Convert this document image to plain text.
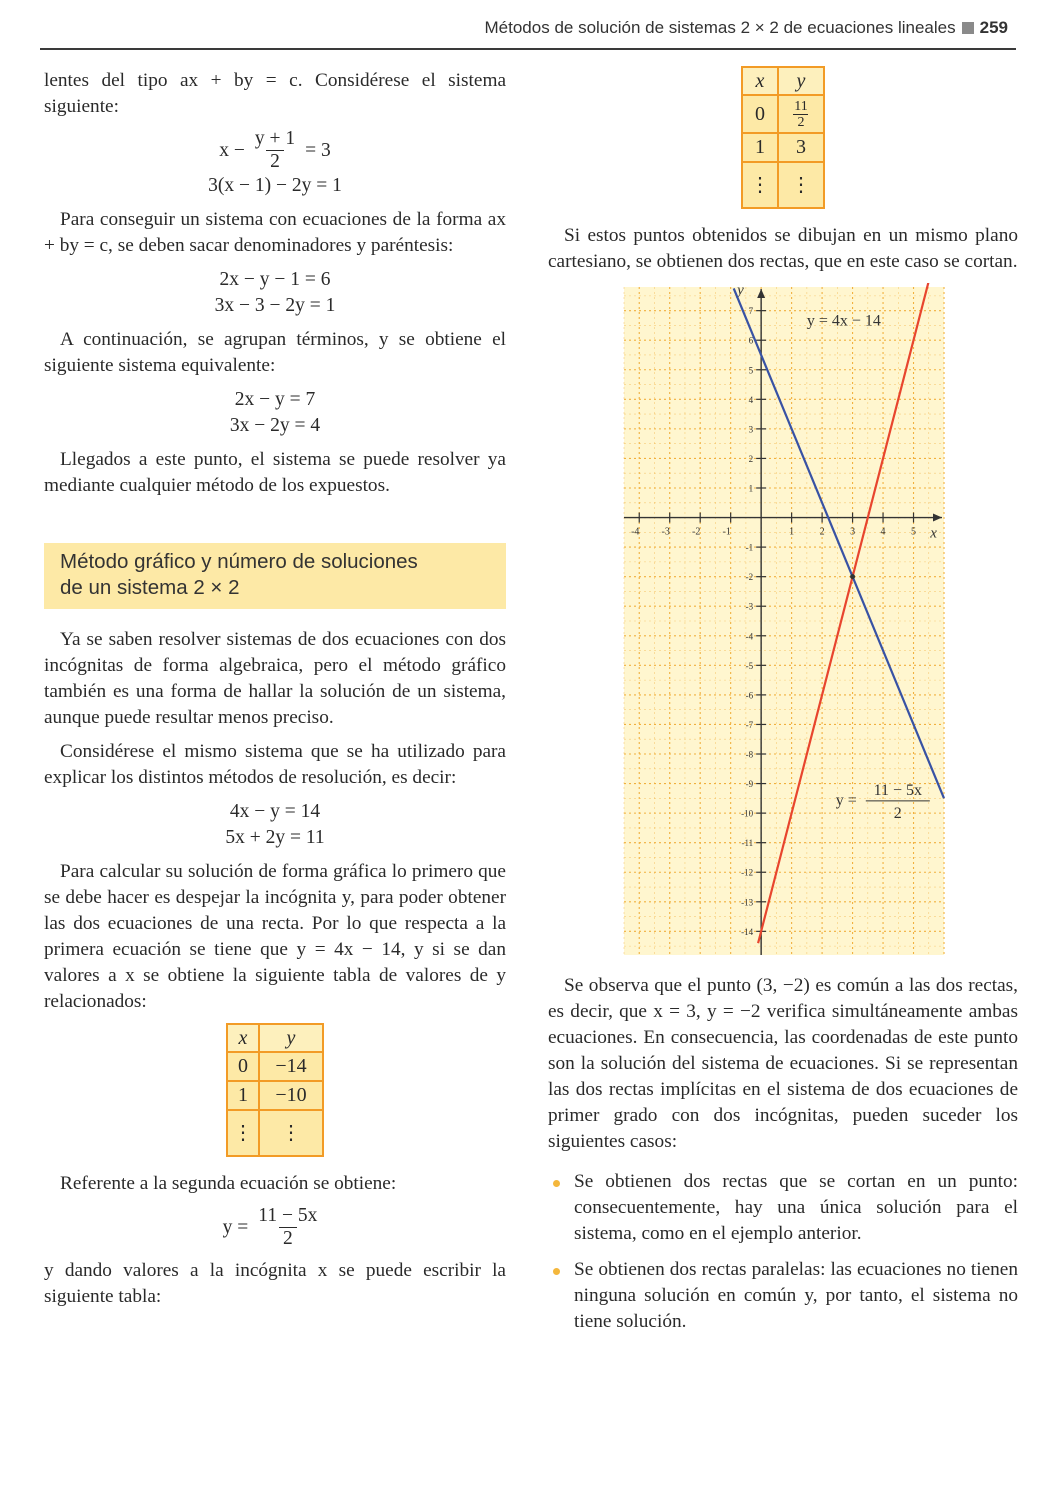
Métodos de solución de sistemas 2 × 2 de ecuaciones lineales 259

lentes del tipo ax + by = c. Considérese el sistema siguiente:

$x - \frac{y + 1}{2} = 3$
3(x − 1) − 2y = 1

Para conseguir un sistema con ecuaciones de la forma ax + by = c, se deben sacar denominadores y paréntesis:

2x − y − 1 = 6
3x − 3 − 2y = 1

A continuación, se agrupan términos, y se obtiene el siguiente sistema equivalente:

2x − y = 7
3x − 2y = 4

Llegados a este punto, el sistema se puede resolver ya mediante cualquier método de los expuestos.

Método gráfico y número de soluciones
de un sistema 2 × 2

Ya se saben resolver sistemas de dos ecuaciones con dos incógnitas de forma algebraica, pero el método gráfico también es una forma de hallar la solución de un sistema, aunque puede resultar menos preciso.

Considérese el mismo sistema que se ha utilizado para explicar los distintos métodos de resolución, es decir:

4x − y = 14
5x + 2y = 11

Para calcular su solución de forma gráfica lo primero que se debe hacer es despejar la incógnita y, para poder obtener las dos ecuaciones de una recta. Por lo que respecta a la primera ecuación se tiene que y = 4x − 14, y si se dan valores a x se obtiene la siguiente tabla de valores de y relacionados:

x	y
0	−14
1	−10
⋮	⋮

Referente a la segunda ecuación se obtiene:

$y = \frac{11 - 5x}{2}$

y dando valores a la incógnita x se puede escribir la siguiente tabla:

x	y
0	$\frac{11}{2}$

1	3
⋮	⋮

Si estos puntos obtenidos se dibujan en un mismo plano cartesiano, se obtienen dos rectas, que en este caso se cortan.

-4 -3 -2 -1	1	2	3	4	5
7
6
5
4
3
2
1
-1
-2
-3
-4
-5
-6
-7
-8
-9
-10
-11
-12
-13
-14
x
y
y = 4x − 14
y =
11 − 5x
2

Se observa que el punto (3, −2) es común a las dos rectas, es decir, que x = 3, y = −2 verifica simultáneamente ambas ecuaciones. En consecuencia, las coordenadas de este punto son la solución del sistema de ecuaciones. Si se representan las dos rectas implícitas en el sistema de dos ecuaciones de primer grado con dos incógnitas, pueden suceder los siguientes casos:

Se obtienen dos rectas que se cortan en un punto: consecuentemente, hay una única solución para el sistema, como en el ejemplo anterior.
Se obtienen dos rectas paralelas: las ecuaciones no tienen ninguna solución en común y, por tanto, el sistema no tiene solución.
